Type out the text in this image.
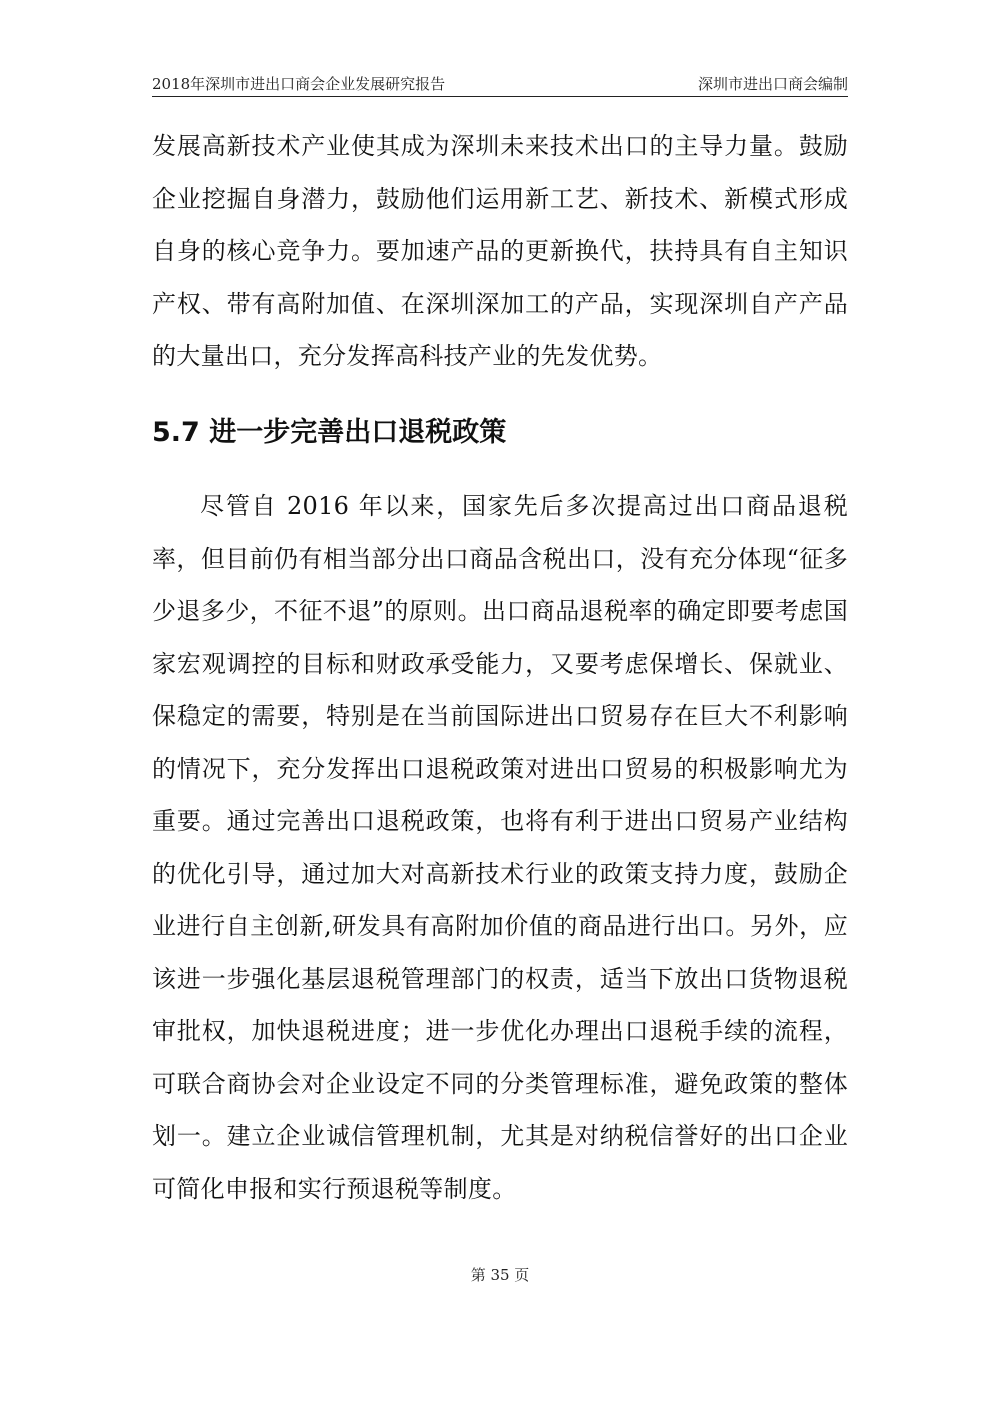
2018年深圳市进出口商会企业发展研究报告	深圳市进出口商会编制

发展高新技术产业使其成为深圳未来技术出口的主导力量。鼓励企业挖掘自身潜力，鼓励他们运用新工艺、新技术、新模式形成自身的核心竞争力。要加速产品的更新换代，扶持具有自主知识产权、带有高附加值、在深圳深加工的产品，实现深圳自产产品的大量出口，充分发挥高科技产业的先发优势。

5.7 进一步完善出口退税政策

尽管自 2016 年以来，国家先后多次提高过出口商品退税率，但目前仍有相当部分出口商品含税出口，没有充分体现“征多少退多少，不征不退”的原则。出口商品退税率的确定即要考虑国家宏观调控的目标和财政承受能力，又要考虑保增长、保就业、保稳定的需要，特别是在当前国际进出口贸易存在巨大不利影响的情况下，充分发挥出口退税政策对进出口贸易的积极影响尤为重要。通过完善出口退税政策，也将有利于进出口贸易产业结构的优化引导，通过加大对高新技术行业的政策支持力度，鼓励企业进行自主创新,研发具有高附加价值的商品进行出口。另外，应该进一步强化基层退税管理部门的权责，适当下放出口货物退税审批权，加快退税进度；进一步优化办理出口退税手续的流程，可联合商协会对企业设定不同的分类管理标准，避免政策的整体划一。建立企业诚信管理机制，尤其是对纳税信誉好的出口企业可简化申报和实行预退税等制度。

第 35 页
